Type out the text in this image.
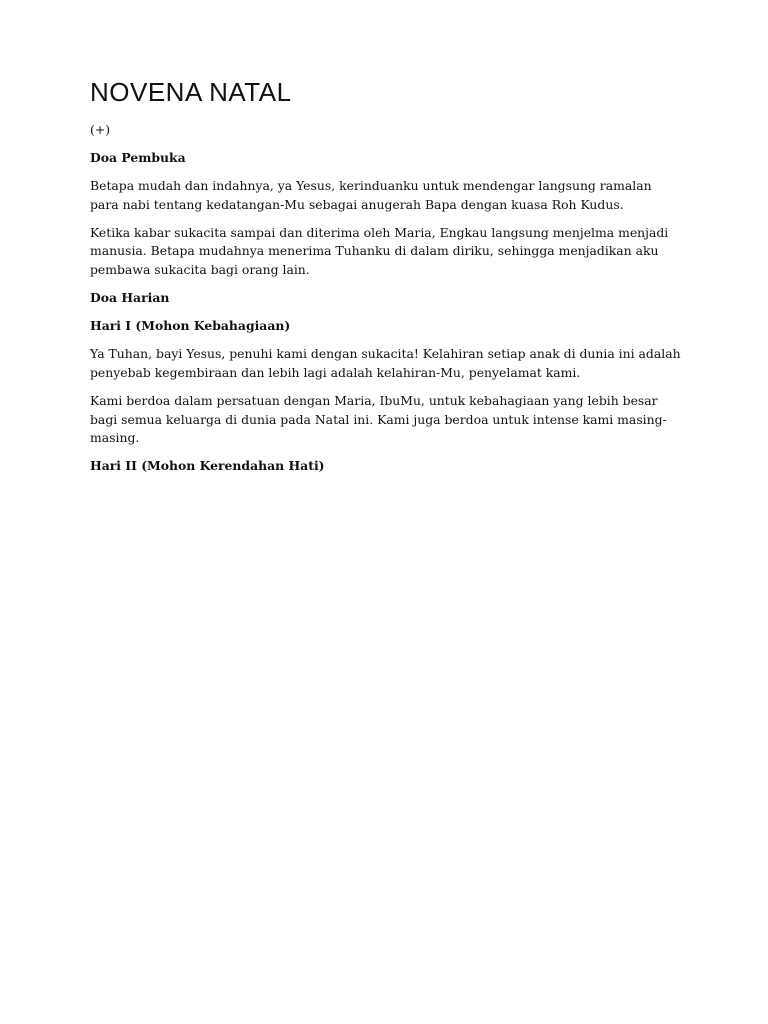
NOVENA NATAL

(+)

Doa Pembuka

Betapa mudah dan indahnya, ya Yesus, kerinduanku untuk mendengar langsung ramalan para nabi tentang kedatangan-Mu sebagai anugerah Bapa dengan kuasa Roh Kudus.

Ketika kabar sukacita sampai dan diterima oleh Maria, Engkau langsung menjelma menjadi manusia. Betapa mudahnya menerima Tuhanku di dalam diriku, sehingga menjadikan aku pembawa sukacita bagi orang lain.

Doa Harian

Hari I (Mohon Kebahagiaan)

Ya Tuhan, bayi Yesus, penuhi kami dengan sukacita! Kelahiran setiap anak di dunia ini adalah penyebab kegembiraan dan lebih lagi adalah kelahiran-Mu, penyelamat kami.

Kami berdoa dalam persatuan dengan Maria, IbuMu, untuk kebahagiaan yang lebih besar bagi semua keluarga di dunia pada Natal ini. Kami juga berdoa untuk intense kami masing-masing.

Hari II (Mohon Kerendahan Hati)
